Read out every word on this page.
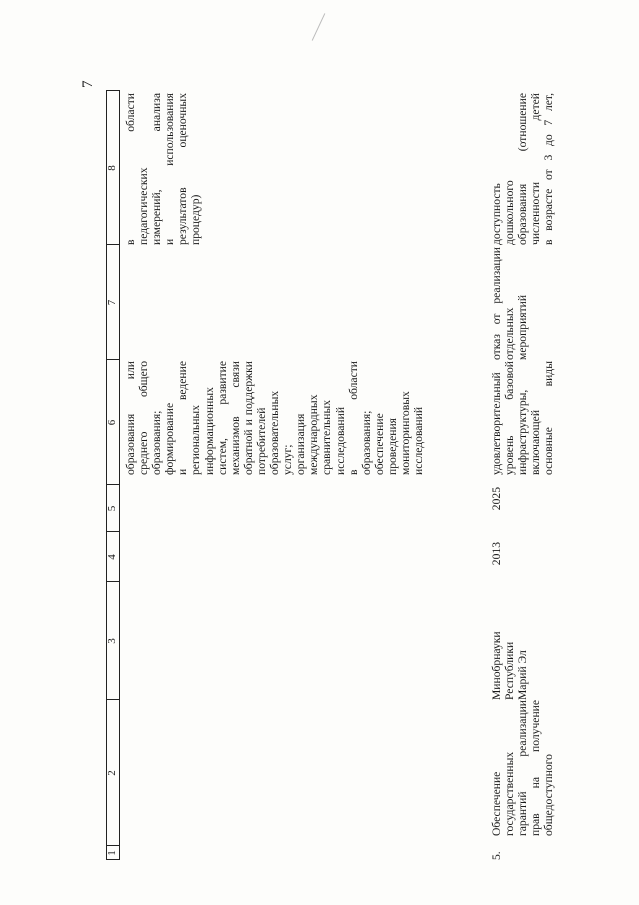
7
1
2
3
4
5
6
7
8

образования или среднего общего образования; формирование и ведение региональных информационных систем, развитие механизмов связи обратной и поддержки потребителей образовательных услуг; организация международных сравнительных исследований в области образования; обеспечение проведения мониторинговых исследований

в области педагогических измерений, анализа и использования результатов оценочных процедур)

5.

Обеспечение государственных гарантий реализации прав на получение общедоступного

Минобрнауки Республики Марий Эл

2013
2025

удовлетворительный уровень базовой инфраструктуры, включающей основные виды

отказ от реализации отдельных мероприятий

доступность дошкольного образования (отношение численности детей в возрасте от 3 до 7 лет,
